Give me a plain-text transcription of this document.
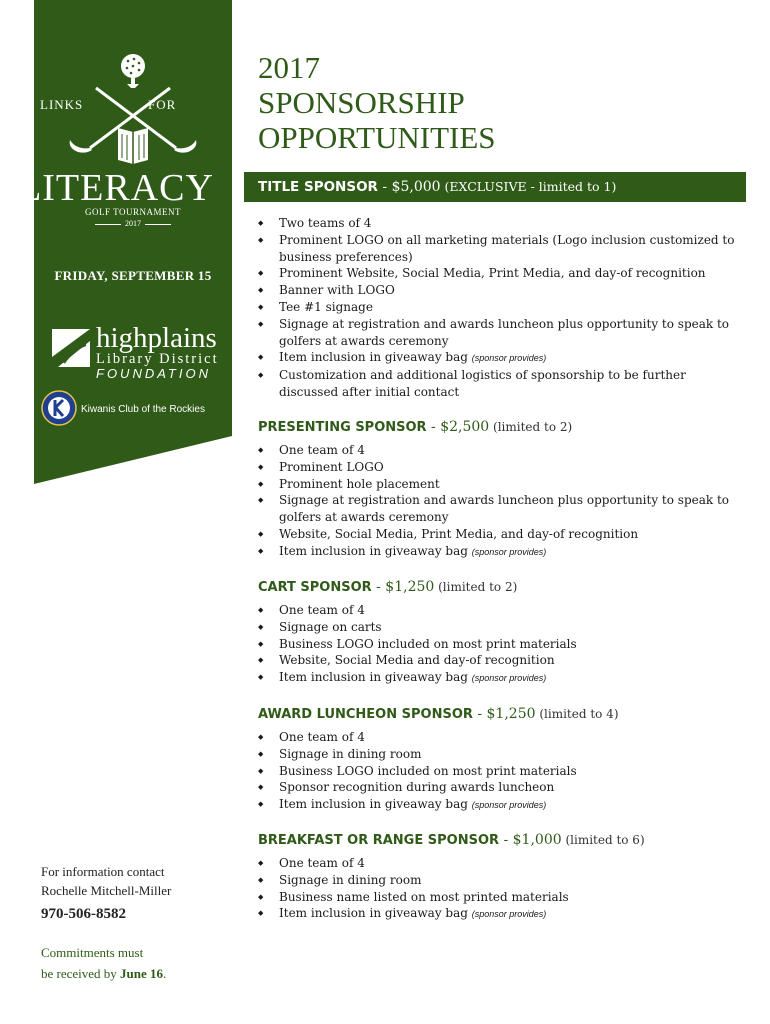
LINKS	FOR
LITERACY
GOLF TOURNAMENT
2017
FRIDAY, SEPTEMBER 15
highplains
Library District
FOUNDATION
Kiwanis Club of the Rockies
2017
SPONSORSHIP
OPPORTUNITIES
TITLE SPONSOR - $5,000 (EXCLUSIVE - limited to 1)
◆ Two teams of 4
◆ Prominent LOGO on all marketing materials (Logo inclusion customized to business preferences)
◆ Prominent Website, Social Media, Print Media, and day-of recognition
◆ Banner with LOGO
◆ Tee #1 signage
◆ Signage at registration and awards luncheon plus opportunity to speak to golfers at awards ceremony
◆ Item inclusion in giveaway bag (sponsor provides)
◆ Customization and additional logistics of sponsorship to be further discussed after initial contact
PRESENTING SPONSOR - $2,500 (limited to 2)
◆ One team of 4
◆ Prominent LOGO
◆ Prominent hole placement
◆ Signage at registration and awards luncheon plus opportunity to speak to golfers at awards ceremony
◆ Website, Social Media, Print Media, and day-of recognition
◆ Item inclusion in giveaway bag (sponsor provides)
CART SPONSOR - $1,250 (limited to 2)
◆ One team of 4
◆ Signage on carts
◆ Business LOGO included on most print materials
◆ Website, Social Media and day-of recognition
◆ Item inclusion in giveaway bag (sponsor provides)
AWARD LUNCHEON SPONSOR - $1,250 (limited to 4)
◆ One team of 4
◆ Signage in dining room
◆ Business LOGO included on most print materials
◆ Sponsor recognition during awards luncheon
◆ Item inclusion in giveaway bag (sponsor provides)
BREAKFAST OR RANGE SPONSOR - $1,000 (limited to 6)
◆ One team of 4
◆ Signage in dining room
◆ Business name listed on most printed materials
◆ Item inclusion in giveaway bag (sponsor provides)
For information contact
Rochelle Mitchell-Miller
970-506-8582
Commitments must
be received by June 16.
